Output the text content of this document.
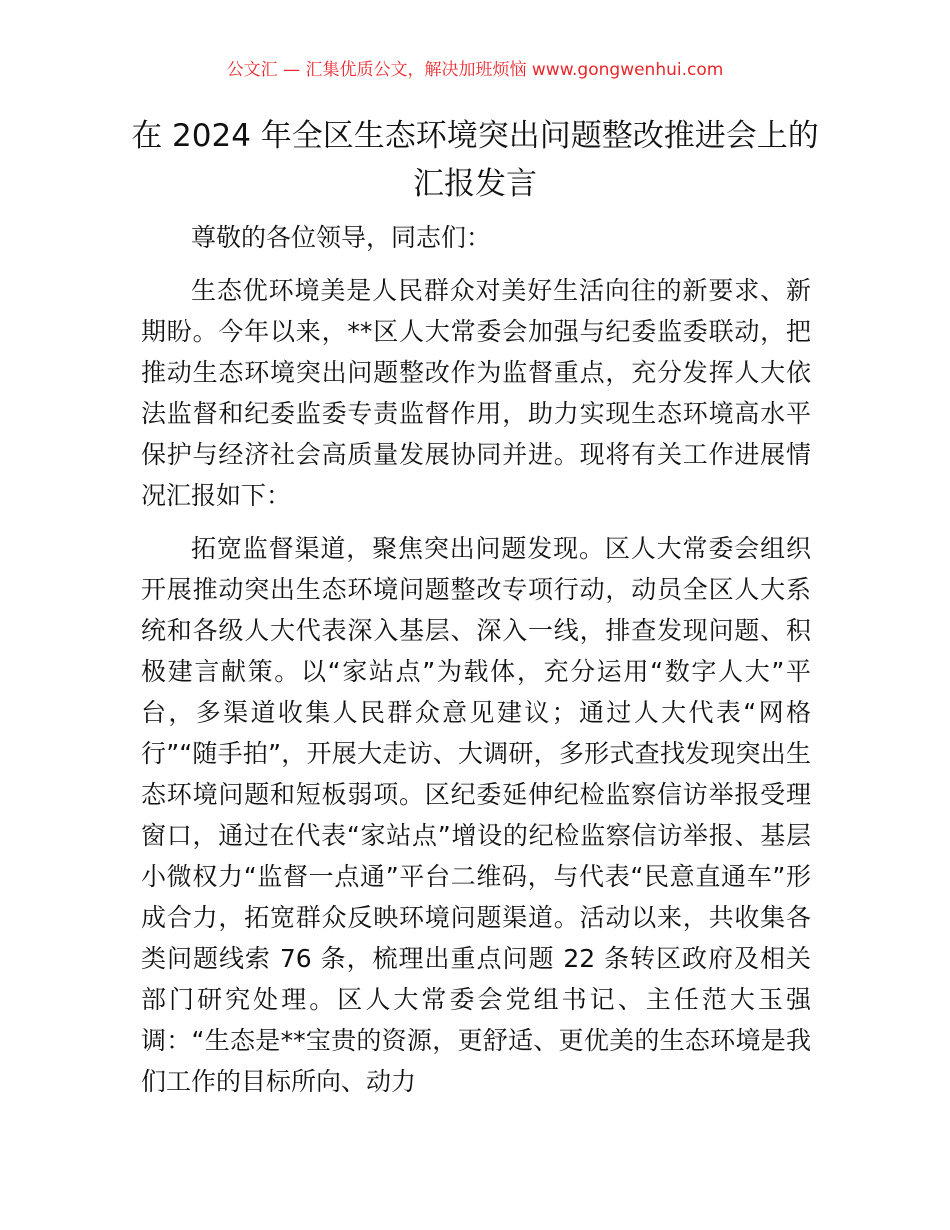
公文汇 — 汇集优质公文，解决加班烦恼 www.gongwenhui.com
在 2024 年全区生态环境突出问题整改推进会上的汇报发言

尊敬的各位领导，同志们：

生态优环境美是人民群众对美好生活向往的新要求、新期盼。今年以来，**区人大常委会加强与纪委监委联动，把推动生态环境突出问题整改作为监督重点，充分发挥人大依法监督和纪委监委专责监督作用，助力实现生态环境高水平保护与经济社会高质量发展协同并进。现将有关工作进展情况汇报如下：

拓宽监督渠道，聚焦突出问题发现。区人大常委会组织开展推动突出生态环境问题整改专项行动，动员全区人大系统和各级人大代表深入基层、深入一线，排查发现问题、积极建言献策。以“家站点”为载体，充分运用“数字人大”平台，多渠道收集人民群众意见建议；通过人大代表“网格行”“随手拍”，开展大走访、大调研，多形式查找发现突出生态环境问题和短板弱项。区纪委延伸纪检监察信访举报受理窗口，通过在代表“家站点”增设的纪检监察信访举报、基层小微权力“监督一点通”平台二维码，与代表“民意直通车”形成合力，拓宽群众反映环境问题渠道。活动以来，共收集各类问题线索 76 条，梳理出重点问题 22 条转区政府及相关部门研究处理。区人大常委会党组书记、主任范大玉强调：“生态是**宝贵的资源，更舒适、更优美的生态环境是我们工作的目标所向、动力
